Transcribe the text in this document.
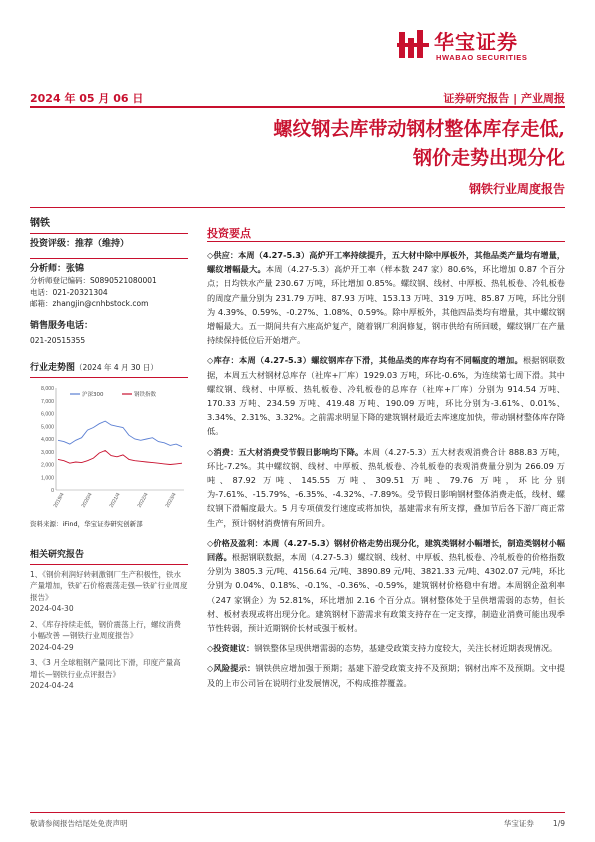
华宝证券
HWABAO SECURITIES
2024 年 05 月 06 日	证券研究报告 | 产业周报
螺纹钢去库带动钢材整体库存走低,
钢价走势出现分化
钢铁行业周度报告
钢铁
投资评级：推荐（维持）
分析师：张锦
分析师登记编码：S0890521080001
电话：021-20321304
邮箱：zhangjin@cnhbstock.com
销售服务电话：
021-20515355
行业走势图（2024 年 4 月 30 日）
0
1,000
2,000
3,000
4,000
5,000
6,000
7,000
8,000
2019/4	2020/4	2021/4	2022/4	2023/4
沪深300	钢铁指数
资料来源：iFind，华宝证券研究创新部
相关研究报告
1、《钢价利润好转刺激钢厂生产积极性，铁水产量增加，铁矿石价格震荡走强—铁矿行业周度报告》
2024-04-30
2、《库存持续走低，钢价震荡上行，螺纹消费小幅改善 —钢铁行业周度报告》
2024-04-29
3、《3 月全球粗钢产量同比下滑，印度产量高增长—钢铁行业点评报告》
2024-04-24
投资要点

◇供应：本周（4.27-5.3）高炉开工率持续提升，五大材中除中厚板外，其他品类产量均有增量，螺纹增幅最大。本周（4.27-5.3）高炉开工率（样本数 247 家）80.6%，环比增加 0.87 个百分点；日均铁水产量 230.67 万吨，环比增加 0.85%。螺纹钢、线材、中厚板、热轧板卷、冷轧板卷的周度产量分别为 231.79 万吨、87.93 万吨、153.13 万吨、319 万吨、85.87 万吨，环比分别为 4.39%、0.59%、-0.27%、1.08%、0.59%。除中厚板外，其他四品类均有增量，其中螺纹钢增幅最大。五一期间共有六座高炉复产，随着钢厂利润修复，钢市供给有所回暖，螺纹钢厂在产量持续保持低位后开始增产。

◇库存：本周（4.27-5.3）螺纹钢库存下滑，其他品类的库存均有不同幅度的增加。根据钢联数据，本周五大材钢材总库存（社库+厂库）1929.03 万吨，环比-0.6%，为连续第七周下滑。其中螺纹钢、线材、中厚板、热轧板卷、冷轧板卷的总库存（社库+厂库）分别为 914.54 万吨、170.33 万吨、234.59 万吨、419.48 万吨、190.09 万吨，环比分别为-3.61%、0.01%、3.34%、2.31%、3.32%。之前需求明显下降的建筑钢材最近去库速度加快，带动钢材整体库存降低。

◇消费：五大材消费受节假日影响均下降。本周（4.27-5.3）五大材表观消费合计 888.83 万吨，环比-7.2%。其中螺纹钢、线材、中厚板、热轧板卷、冷轧板卷的表观消费量分别为 266.09 万吨、87.92 万吨、145.55 万吨、309.51 万吨、79.76 万吨，环比分别为-7.61%、-15.79%、-6.35%、-4.32%、-7.89%。受节假日影响钢材整体消费走低，线材、螺纹钢下滑幅度最大。5 月专项债发行速度或将加快，基建需求有所支撑，叠加节后各下游厂商正常生产，预计钢材消费情有所回升。

◇价格及盈利：本周（4.27-5.3）钢材价格走势出现分化，建筑类钢材小幅增长，制造类钢材小幅回落。根据钢联数据，本周（4.27-5.3）螺纹钢、线材、中厚板、热轧板卷、冷轧板卷的价格指数分别为 3805.3 元/吨、4156.64 元/吨、3890.89 元/吨、3821.33 元/吨、4302.07 元/吨，环比分别为 0.04%、0.18%、-0.1%、-0.36%、-0.59%，建筑钢材价格稳中有增。本周钢企盈利率（247 家钢企）为 52.81%，环比增加 2.16 个百分点。钢材整体处于呈供增需弱的态势，但长材、板材表现或将出现分化。建筑钢材下游需求有政策支持存在一定支撑，制造业消费可能出现季节性转弱，预计近期钢价长材或强于板材。

◇投资建议：钢铁整体呈现供增需弱的态势，基建受政策支持力度较大，关注长材近期表现情况。

◇风险提示：钢铁供应增加强于预期；基建下游受政策支持不及预期；钢材出库不及预期。文中提及的上市公司旨在说明行业发展情况，不构成推荐覆盖。

敬请参阅报告结尾处免责声明	华宝证券	1/9
